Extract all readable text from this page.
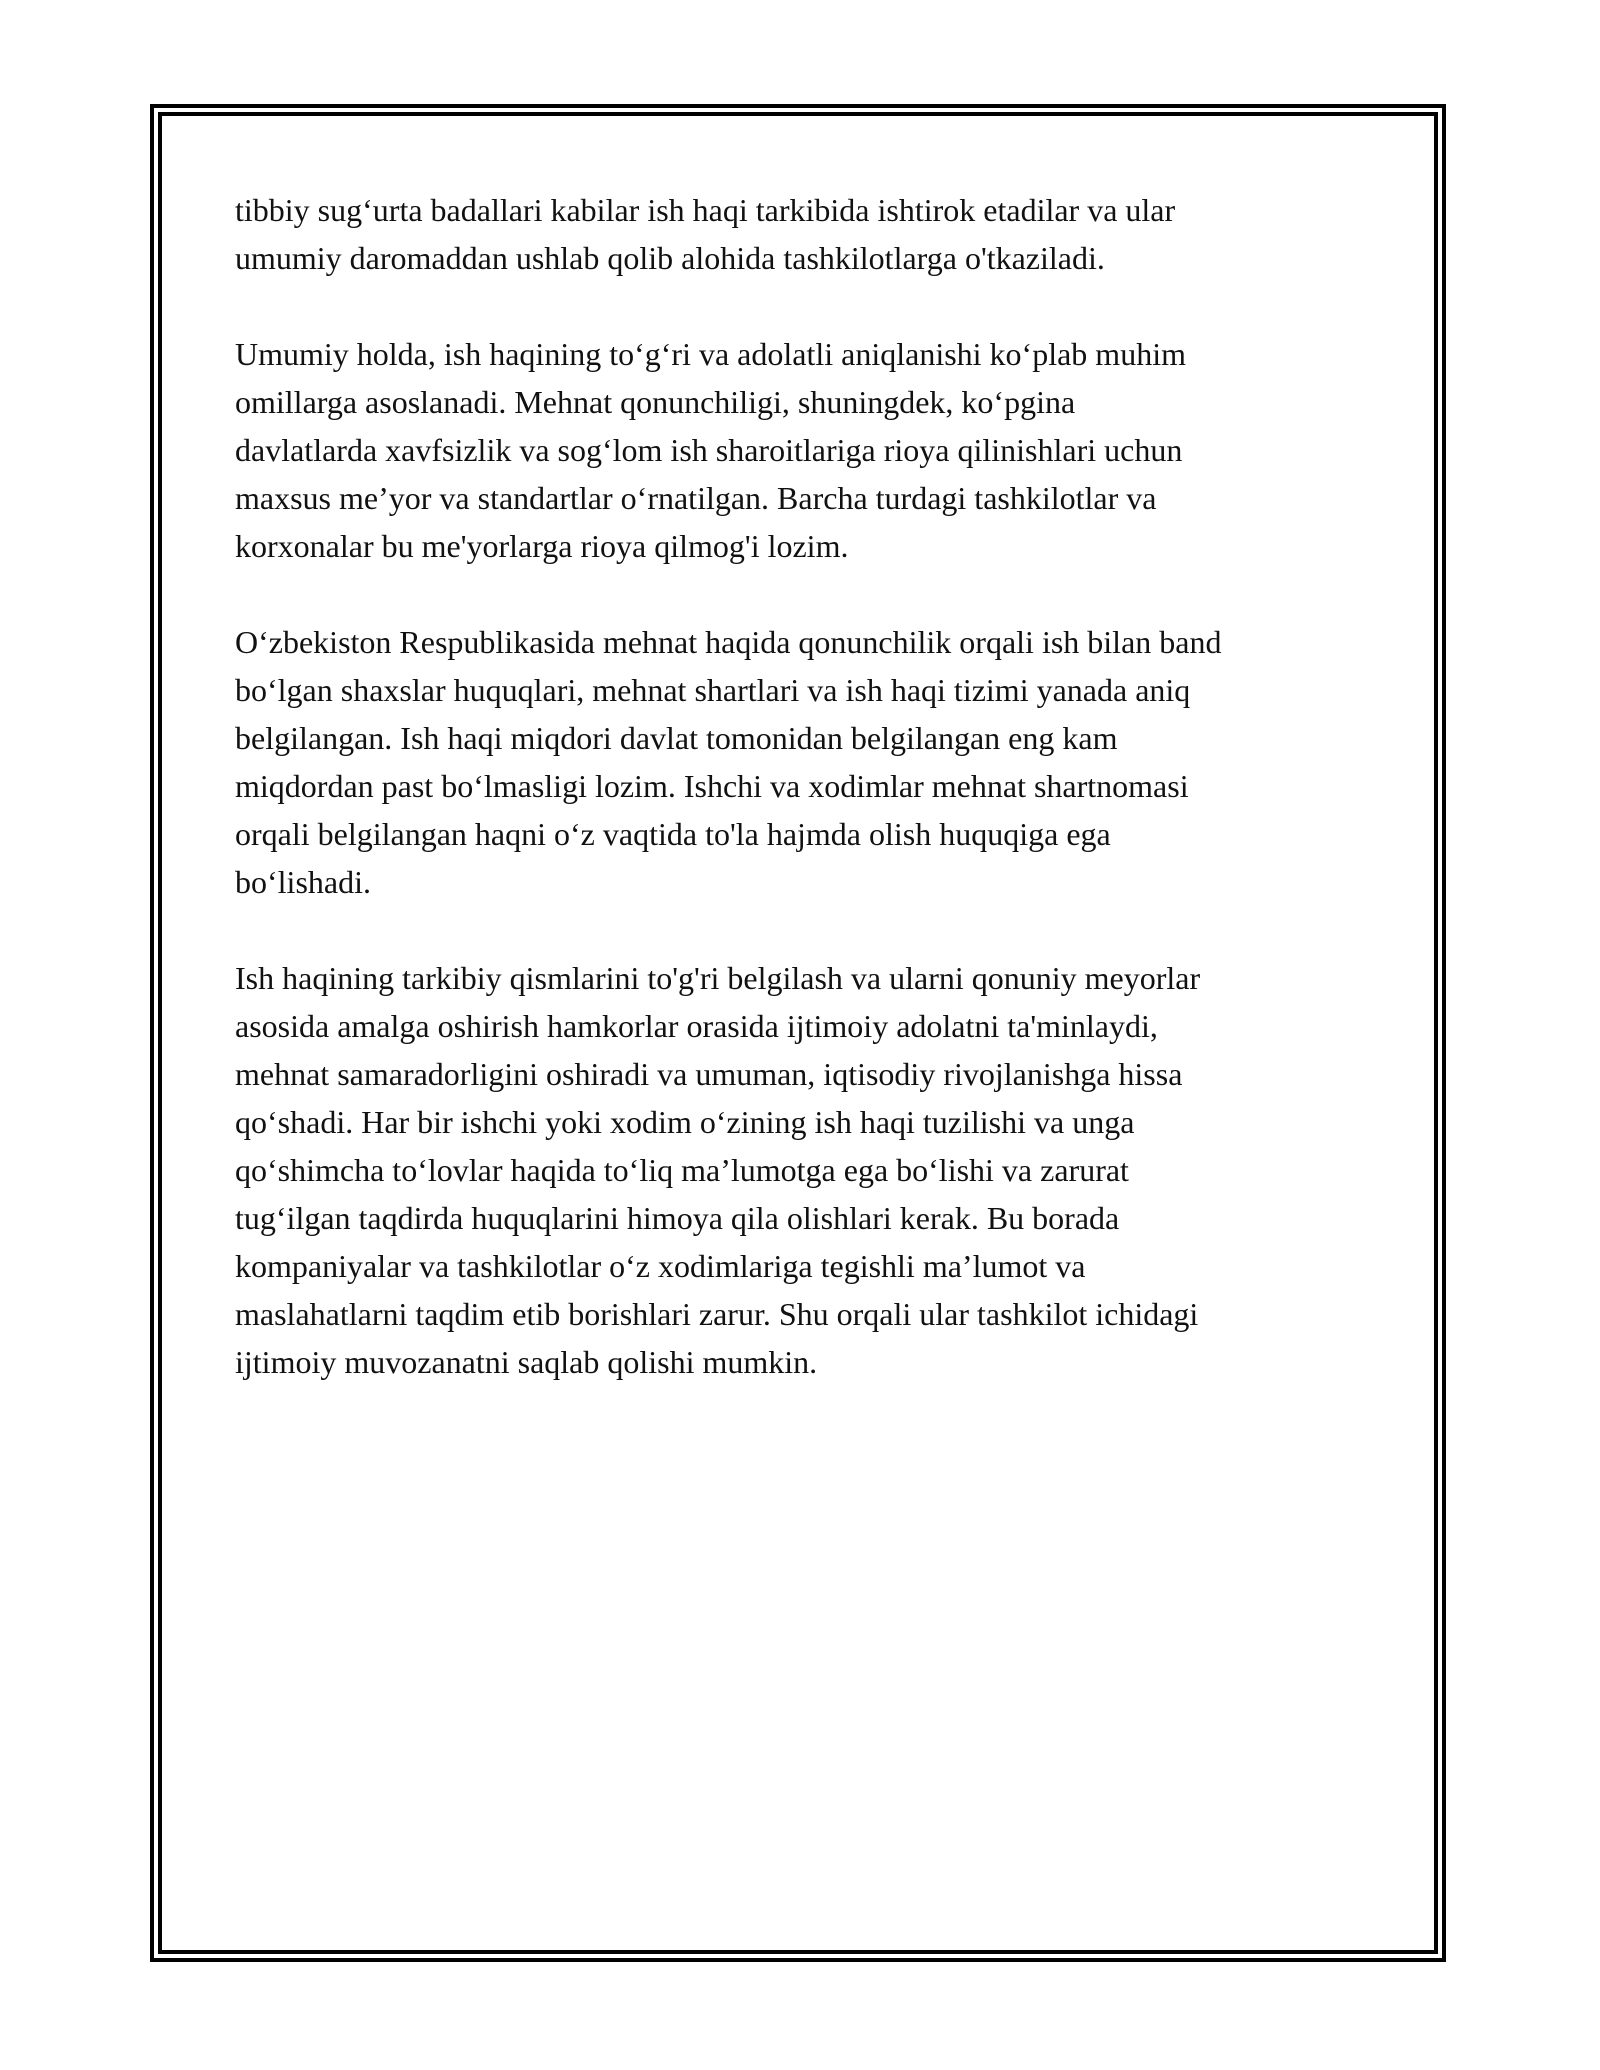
tibbiy sug‘urta badallari kabilar ish haqi tarkibida ishtirok etadilar va ular
umumiy daromaddan ushlab qolib alohida tashkilotlarga o'tkaziladi.

Umumiy holda, ish haqining to‘g‘ri va adolatli aniqlanishi ko‘plab muhim
omillarga asoslanadi. Mehnat qonunchiligi, shuningdek, ko‘pgina
davlatlarda xavfsizlik va sog‘lom ish sharoitlariga rioya qilinishlari uchun
maxsus me’yor va standartlar o‘rnatilgan. Barcha turdagi tashkilotlar va
korxonalar bu me'yorlarga rioya qilmog'i lozim.

O‘zbekiston Respublikasida mehnat haqida qonunchilik orqali ish bilan band
bo‘lgan shaxslar huquqlari, mehnat shartlari va ish haqi tizimi yanada aniq
belgilangan. Ish haqi miqdori davlat tomonidan belgilangan eng kam
miqdordan past bo‘lmasligi lozim. Ishchi va xodimlar mehnat shartnomasi
orqali belgilangan haqni o‘z vaqtida to'la hajmda olish huquqiga ega
bo‘lishadi.

Ish haqining tarkibiy qismlarini to'g'ri belgilash va ularni qonuniy meyorlar
asosida amalga oshirish hamkorlar orasida ijtimoiy adolatni ta'minlaydi,
mehnat samaradorligini oshiradi va umuman, iqtisodiy rivojlanishga hissa
qo‘shadi. Har bir ishchi yoki xodim o‘zining ish haqi tuzilishi va unga
qo‘shimcha to‘lovlar haqida to‘liq ma’lumotga ega bo‘lishi va zarurat
tug‘ilgan taqdirda huquqlarini himoya qila olishlari kerak. Bu borada
kompaniyalar va tashkilotlar o‘z xodimlariga tegishli ma’lumot va
maslahatlarni taqdim etib borishlari zarur. Shu orqali ular tashkilot ichidagi
ijtimoiy muvozanatni saqlab qolishi mumkin.
